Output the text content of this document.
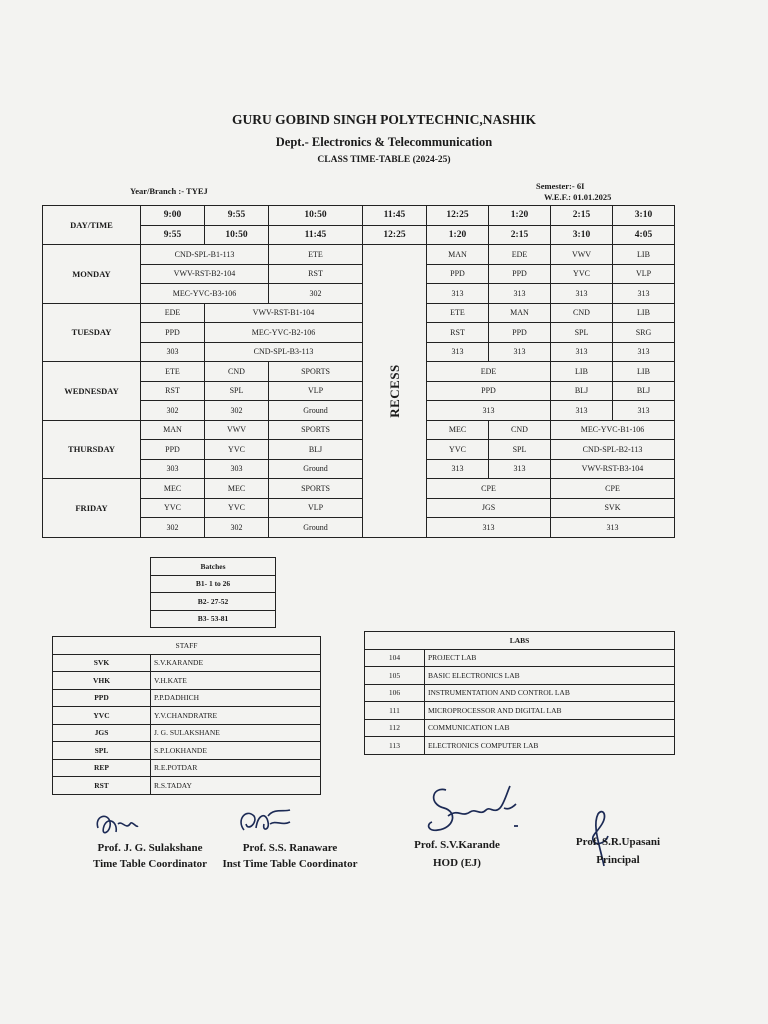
GURU GOBIND SINGH POLYTECHNIC,NASHIK
Dept.- Electronics & Telecommunication
CLASS TIME-TABLE (2024-25)
Year/Branch :- TYEJ	Semester:- 6I
W.E.F.: 01.01.2025
DAY/TIME	9:00	9:55	10:50	11:45	12:25	1:20	2:15	3:10
	9:55	10:50	11:45	12:25	1:20	2:15	3:10	4:05
MONDAY	CND-SPL-B1-113		ETE	RECESS	MAN	EDE	VWV	LIB
	VWV-RST-B2-104		RST		PPD	PPD	YVC	VLP
	MEC-YVC-B3-106		302		313	313	313	313
TUESDAY	EDE	VWV-RST-B1-104			ETE	MAN	CND	LIB
	PPD	MEC-YVC-B2-106			RST	PPD	SPL	SRG
	303	CND-SPL-B3-113			313	313	313	313
WEDNESDAY	ETE	CND	SPORTS		EDE		LIB	LIB
	RST	SPL	VLP		PPD		BLJ	BLJ
	302	302	Ground		313		313	313
THURSDAY	MAN	VWV	SPORTS		MEC	CND	MEC-YVC-B1-106	
	PPD	YVC	BLJ		YVC	SPL	CND-SPL-B2-113	
	303	303	Ground		313	313	VWV-RST-B3-104	
FRIDAY	MEC	MEC	SPORTS		CPE		CPE	
	YVC	YVC	VLP		JGS		SVK	
	302	302	Ground		313		313	
Batches
B1- 1 to 26
B2- 27-52
B3- 53-81
STAFF	
SVK	S.V.KARANDE
VHK	V.H.KATE
PPD	P.P.DADHICH
YVC	Y.V.CHANDRATRE
JGS	J. G. SULAKSHANE
SPL	S.P.LOKHANDE
REP	R.E.POTDAR
RST	R.S.TADAY
LABS	
104	PROJECT LAB
105	BASIC ELECTRONICS LAB
106	INSTRUMENTATION AND CONTROL LAB
111	MICROPROCESSOR AND DIGITAL LAB
112	COMMUNICATION LAB
113	ELECTRONICS COMPUTER LAB
Prof. J. G. Sulakshane
Time Table Coordinator
Prof. S.S. Ranaware
Inst Time Table Coordinator
Prof. S.V.Karande
HOD (EJ)
Prof. S.R.Upasani
Principal
